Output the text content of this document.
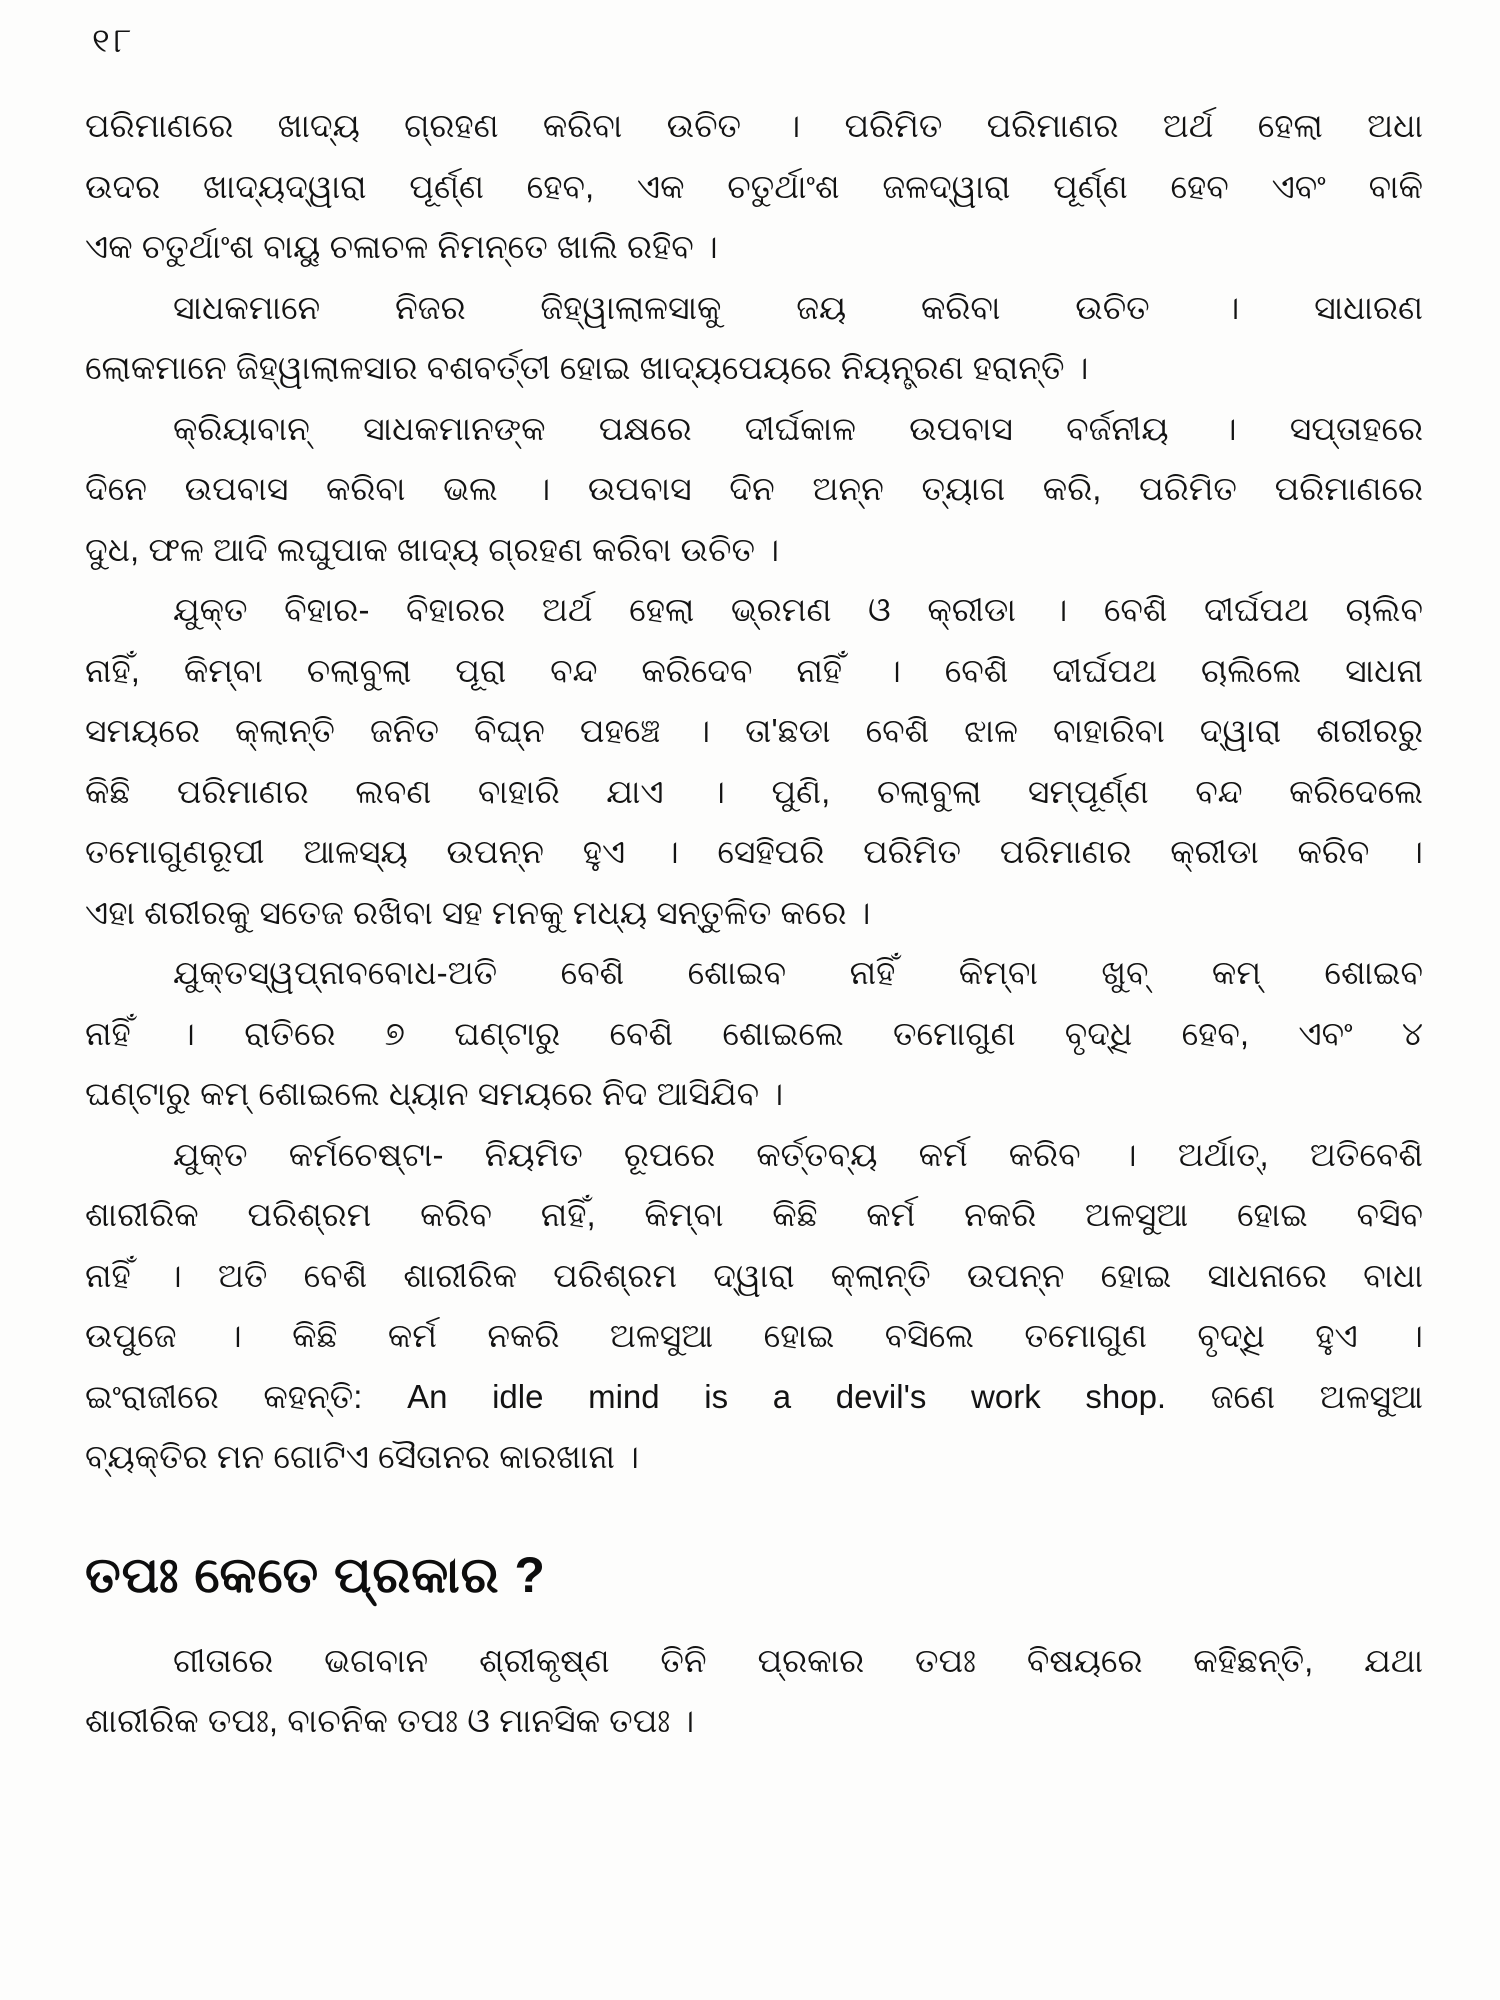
୧୮
ପରିମାଣରେ ଖାଦ୍ୟ ଗ୍ରହଣ କରିବା ଉଚିତ । ପରିମିତ ପରିମାଣର ଅର୍ଥ ହେଲା ଅଧା
ଉଦର ଖାଦ୍ୟଦ୍ୱାରା ପୂର୍ଣ୍ଣ ହେବ, ଏକ ଚତୁର୍ଥାଂଶ ଜଳଦ୍ୱାରା ପୂର୍ଣ୍ଣ ହେବ ଏବଂ ବାକି
ଏକ ଚତୁର୍ଥାଂଶ ବାୟୁ ଚଳାଚଳ ନିମନ୍ତେ ଖାଲି ରହିବ ।
ସାଧକମାନେ ନିଜର ଜିହ୍ୱାଲାଳସାକୁ ଜୟ କରିବା ଉଚିତ । ସାଧାରଣ
ଲୋକମାନେ ଜିହ୍ୱାଲାଳସାର ବଶବର୍ତ୍ତୀ ହୋଇ ଖାଦ୍ୟପେୟରେ ନିୟନ୍ତ୍ରଣ ହରାନ୍ତି ।
କ୍ରିୟାବାନ୍ ସାଧକମାନଙ୍କ ପକ୍ଷରେ ଦୀର୍ଘକାଳ ଉପବାସ ବର୍ଜନୀୟ । ସପ୍ତାହରେ
ଦିନେ ଉପବାସ କରିବା ଭଲ । ଉପବାସ ଦିନ ଅନ୍ନ ତ୍ୟାଗ କରି, ପରିମିତ ପରିମାଣରେ
ଦୁଧ, ଫଳ ଆଦି ଲଘୁପାକ ଖାଦ୍ୟ ଗ୍ରହଣ କରିବା ଉଚିତ ।
ଯୁକ୍ତ ବିହାର- ବିହାରର ଅର୍ଥ ହେଲା ଭ୍ରମଣ ଓ କ୍ରୀଡା । ବେଶି ଦୀର୍ଘପଥ ଚାଲିବ
ନାହିଁ, କିମ୍ବା ଚଲାବୁଲା ପୂରା ବନ୍ଦ କରିଦେବ ନାହିଁ । ବେଶି ଦୀର୍ଘପଥ ଚାଲିଲେ ସାଧନା
ସମୟରେ କ୍ଲାନ୍ତି ଜନିତ ବିଘ୍ନ ପହଞ୍ଚେ । ତା'ଛଡା ବେଶି ଝାଳ ବାହାରିବା ଦ୍ୱାରା ଶରୀରରୁ
କିଛି ପରିମାଣର ଲବଣ ବାହାରି ଯାଏ । ପୁଣି, ଚଲାବୁଲା ସମ୍ପୂର୍ଣ୍ଣ ବନ୍ଦ କରିଦେଲେ
ତମୋଗୁଣରୂପୀ ଆଳସ୍ୟ ଉପନ୍ନ ହୁଏ । ସେହିପରି ପରିମିତ ପରିମାଣର କ୍ରୀଡା କରିବ ।
ଏହା ଶରୀରକୁ ସତେଜ ରଖିବା ସହ ମନକୁ ମଧ୍ୟ ସନ୍ତୁଳିତ କରେ ।
ଯୁକ୍ତସ୍ୱପ୍ନାବବୋଧ-ଅତି ବେଶି ଶୋଇବ ନାହିଁ କିମ୍ବା ଖୁବ୍ କମ୍ ଶୋଇବ
ନାହିଁ । ରାତିରେ ୭ ଘଣ୍ଟାରୁ ବେଶି ଶୋଇଲେ ତମୋଗୁଣ ବୃଦ୍ଧି ହେବ, ଏବଂ ୪
ଘଣ୍ଟାରୁ କମ୍ ଶୋଇଲେ ଧ୍ୟାନ ସମୟରେ ନିଦ ଆସିଯିବ ।
ଯୁକ୍ତ କର୍ମଚେଷ୍ଟା- ନିୟମିତ ରୂପରେ କର୍ତ୍ତବ୍ୟ କର୍ମ କରିବ । ଅର୍ଥାତ୍, ଅତିବେଶି
ଶାରୀରିକ ପରିଶ୍ରମ କରିବ ନାହିଁ, କିମ୍ବା କିଛି କର୍ମ ନକରି ଅଳସୁଆ ହୋଇ ବସିବ
ନାହିଁ । ଅତି ବେଶି ଶାରୀରିକ ପରିଶ୍ରମ ଦ୍ୱାରା କ୍ଲାନ୍ତି ଉପନ୍ନ ହୋଇ ସାଧନାରେ ବାଧା
ଉପୁଜେ । କିଛି କର୍ମ ନକରି ଅଳସୁଆ ହୋଇ ବସିଲେ ତମୋଗୁଣ ବୃଦ୍ଧି ହୁଏ ।
ଇଂରାଜୀରେ କହନ୍ତି: An idle mind is a devil's work shop. ଜଣେ ଅଳସୁଆ
ବ୍ୟକ୍ତିର ମନ ଗୋଟିଏ ସୈତାନର କାରଖାନା ।
ତପଃ କେତେ ପ୍ରକାର ?
ଗୀତାରେ ଭଗବାନ ଶ୍ରୀକୃଷ୍ଣ ତିନି ପ୍ରକାର ତପଃ ବିଷୟରେ କହିଛନ୍ତି, ଯଥା
ଶାରୀରିକ ତପଃ, ବାଚନିକ ତପଃ ଓ ମାନସିକ ତପଃ ।
